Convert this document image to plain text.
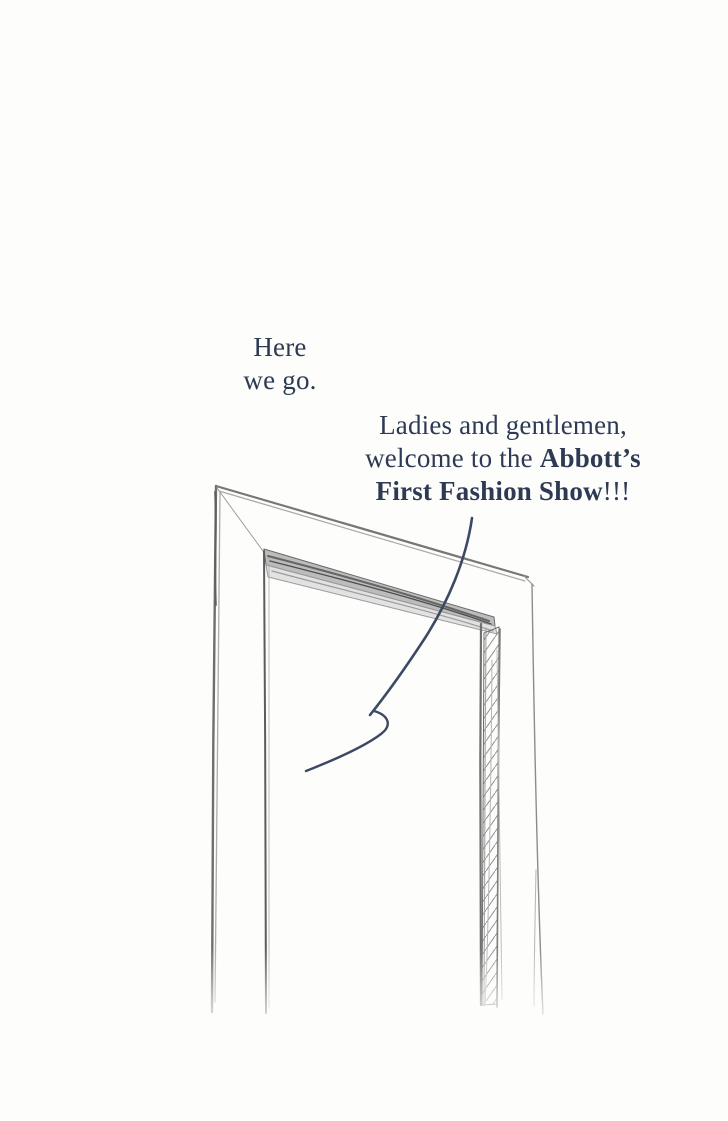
Here
we go.
Ladies and gentlemen,
welcome to the Abbott’s
First Fashion Show!!!
